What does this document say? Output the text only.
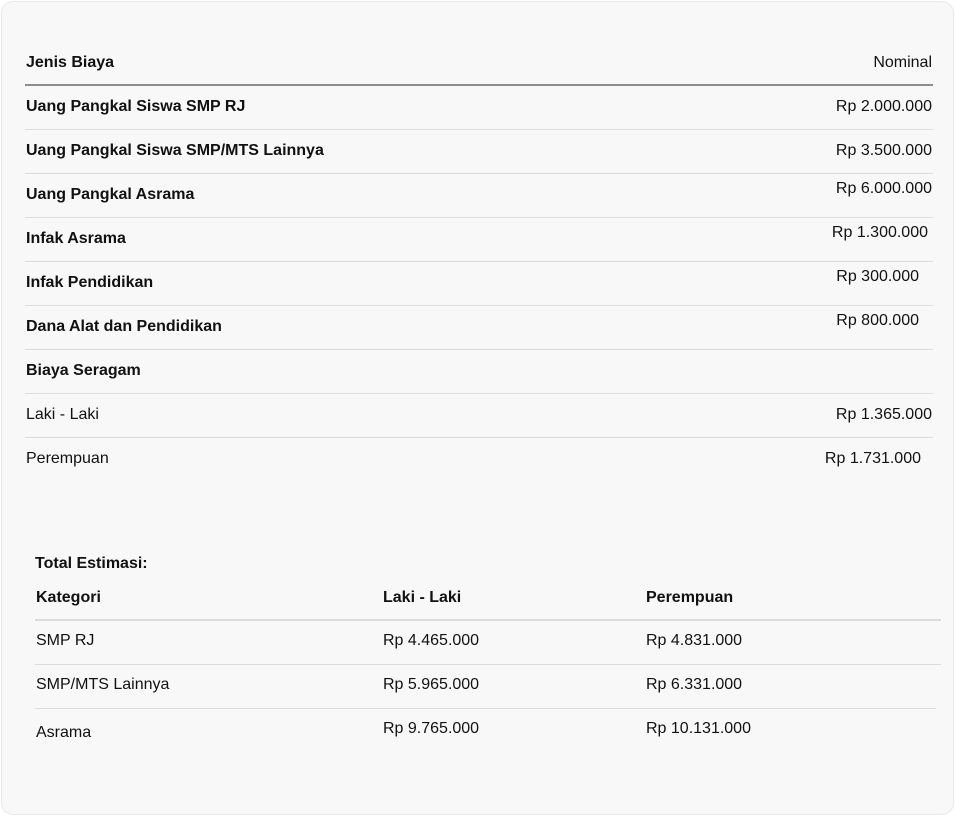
Jenis Biaya	Nominal
Uang Pangkal Siswa SMP RJ	Rp 2.000.000
Uang Pangkal Siswa SMP/MTS Lainnya	Rp 3.500.000
Uang Pangkal Asrama	Rp 6.000.000
Infak Asrama	Rp 1.300.000
Infak Pendidikan	Rp 300.000
Dana Alat dan Pendidikan	Rp 800.000
Biaya Seragam
Laki - Laki	Rp 1.365.000
Perempuan	Rp 1.731.000
Total Estimasi:
Kategori	Laki - Laki	Perempuan
SMP RJ	Rp 4.465.000	Rp 4.831.000
SMP/MTS Lainnya	Rp 5.965.000	Rp 6.331.000
Asrama	Rp 9.765.000	Rp 10.131.000
